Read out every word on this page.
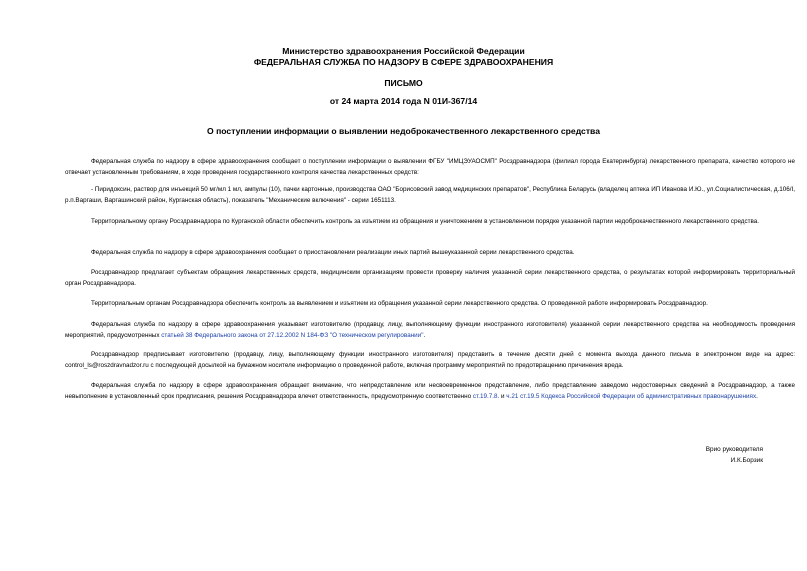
Министерство здравоохранения Российской Федерации
ФЕДЕРАЛЬНАЯ СЛУЖБА ПО НАДЗОРУ В СФЕРЕ ЗДРАВООХРАНЕНИЯ
ПИСЬМО
от 24 марта 2014 года N 01И-367/14
О поступлении информации о выявлении недоброкачественного лекарственного средства

Федеральная служба по надзору в сфере здравоохранения сообщает о поступлении информации о выявлении ФГБУ "ИМЦЭУАОСМП" Росздравнадзора (филиал города Екатеринбурга) лекарственного препарата, качество которого не отвечает установленным требованиям, в ходе проведения государственного контроля качества лекарственных средств:

- Пиридоксин, раствор для инъекций 50 мг/мл 1 мл, ампулы (10), пачки картонные, производства ОАО "Борисовский завод медицинских препаратов", Республика Беларусь (владелец аптека ИП Иванова И.Ю., ул.Социалистическая, д.106/I, р.п.Варгаши, Варгашинский район, Курганская область), показатель "Механические включения" - серии 1651113.

Территориальному органу Росздравнадзора по Курганской области обеспечить контроль за изъятием из обращения и уничтожением в установленном порядке указанной партии недоброкачественного лекарственного средства.

Федеральная служба по надзору в сфере здравоохранения сообщает о приостановлении реализации иных партий вышеуказанной серии лекарственного средства.

Росздравнадзор предлагает субъектам обращения лекарственных средств, медицинским организациям провести проверку наличия указанной серии лекарственного средства, о результатах которой информировать территориальный орган Росздравнадзора.

Территориальным органам Росздравнадзора обеспечить контроль за выявлением и изъятием из обращения указанной серии лекарственного средства. О проведенной работе информировать Росздравнадзор.

Федеральная служба по надзору в сфере здравоохранения указывает изготовителю (продавцу, лицу, выполняющему функции иностранного изготовителя) указанной серии лекарственного средства на необходимость проведения мероприятий, предусмотренных статьей 38 Федерального закона от 27.12.2002 N 184-ФЗ "О техническом регулировании".

Росздравнадзор предписывает изготовителю (продавцу, лицу, выполняющему функции иностранного изготовителя) представить в течение десяти дней с момента выхода данного письма в электронном виде на адрес: control_ls@roszdravnadzor.ru с последующей досылкой на бумажном носителе информацию о проведенной работе, включая программу мероприятий по предотвращению причинения вреда.

Федеральная служба по надзору в сфере здравоохранения обращает внимание, что непредставление или несвоевременное представление, либо представление заведомо недостоверных сведений в Росздравнадзор, а также невыполнение в установленный срок предписания, решения Росздравнадзора влечет ответственность, предусмотренную соответственно ст.19.7.8. и ч.21 ст.19.5 Кодекса Российской Федерации об административных правонарушениях.

Врио руководителя
И.К.Борзик
